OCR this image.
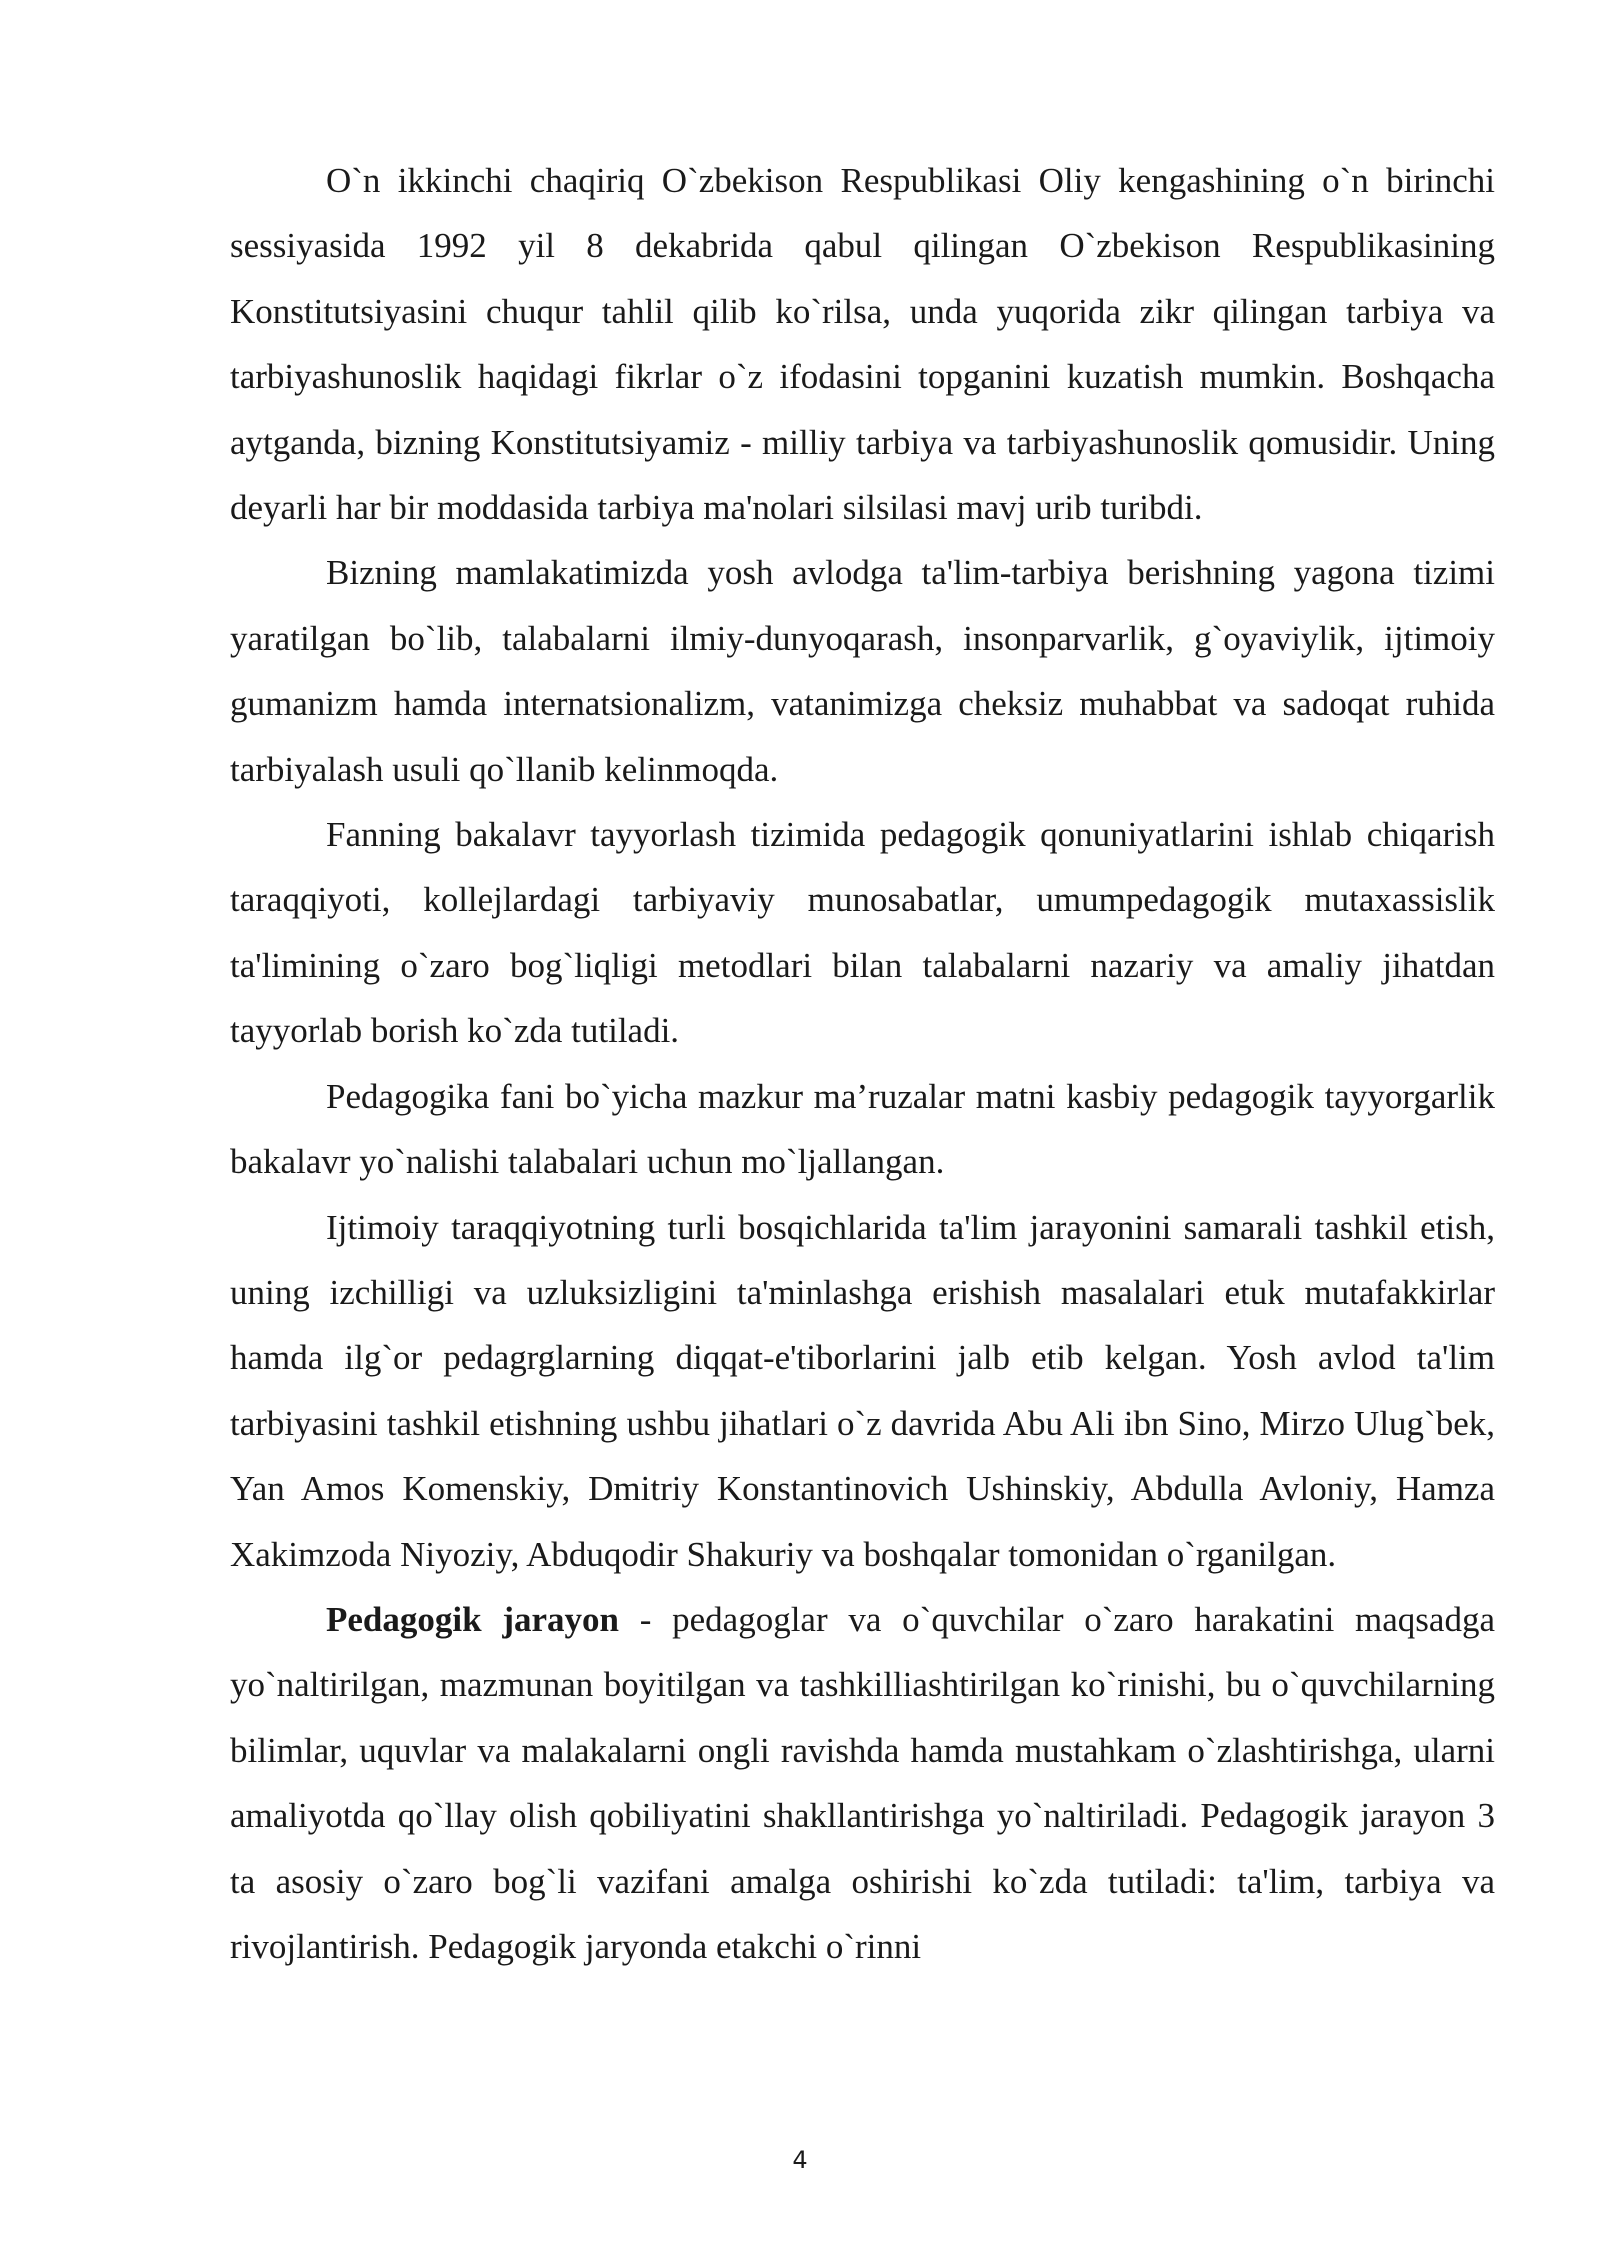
O`n ikkinchi chaqiriq O`zbekison Respublikasi Oliy kengashining o`n birinchi sessiyasida 1992 yil 8 dekabrida qabul qilingan O`zbekison Respublikasining Konstitutsiyasini chuqur tahlil qilib ko`rilsa, unda yuqorida zikr qilingan tarbiya va tarbiyashunoslik haqidagi fikrlar o`z ifodasini topganini kuzatish mumkin. Boshqacha aytganda, bizning Konstitutsiyamiz - milliy tarbiya va tarbiyashunoslik qomusidir. Uning deyarli har bir moddasida tarbiya ma'nolari silsilasi mavj urib turibdi.

Bizning mamlakatimizda yosh avlodga ta'lim-tarbiya berishning yagona tizimi yaratilgan bo`lib, talabalarni ilmiy-dunyoqarash, insonparvarlik, g`oyaviylik, ijtimoiy gumanizm hamda internatsionalizm, vatanimizga cheksiz muhabbat va sadoqat ruhida tarbiyalash usuli qo`llanib kelinmoqda.

Fanning bakalavr tayyorlash tizimida pedagogik qonuniyatlarini ishlab chiqarish taraqqiyoti, kollejlardagi tarbiyaviy munosabatlar, umumpedagogik mutaxassislik ta'limining o`zaro bog`liqligi metodlari bilan talabalarni nazariy va amaliy jihatdan tayyorlab borish ko`zda tutiladi.

Pedagogika fani bo`yicha mazkur ma’ruzalar matni kasbiy pedagogik tayyorgarlik bakalavr yo`nalishi talabalari uchun mo`ljallangan.

Ijtimoiy taraqqiyotning turli bosqichlarida ta'lim jarayonini samarali tashkil etish, uning izchilligi va uzluksizligini ta'minlashga erishish masalalari etuk mutafakkirlar hamda ilg`or pedagrglarning diqqat-e'tiborlarini jalb etib kelgan. Yosh avlod ta'lim tarbiyasini tashkil etishning ushbu jihatlari o`z davrida Abu Ali ibn Sino, Mirzo Ulug`bek, Yan Amos Komenskiy, Dmitriy Konstantinovich Ushinskiy, Abdulla Avloniy, Hamza Xakimzoda Niyoziy, Abduqodir Shakuriy va boshqalar tomonidan o`rganilgan.

Pedagogik jarayon - pedagoglar va o`quvchilar o`zaro harakatini maqsadga yo`naltirilgan, mazmunan boyitilgan va tashkilliashtirilgan ko`rinishi, bu o`quvchilarning bilimlar, uquvlar va malakalarni ongli ravishda hamda mustahkam o`zlashtirishga, ularni amaliyotda qo`llay olish qobiliyatini shakllantirishga yo`naltiriladi. Pedagogik jarayon 3 ta asosiy o`zaro bog`li vazifani amalga oshirishi ko`zda tutiladi: ta'lim, tarbiya va rivojlantirish. Pedagogik jaryonda etakchi o`rinni

4
